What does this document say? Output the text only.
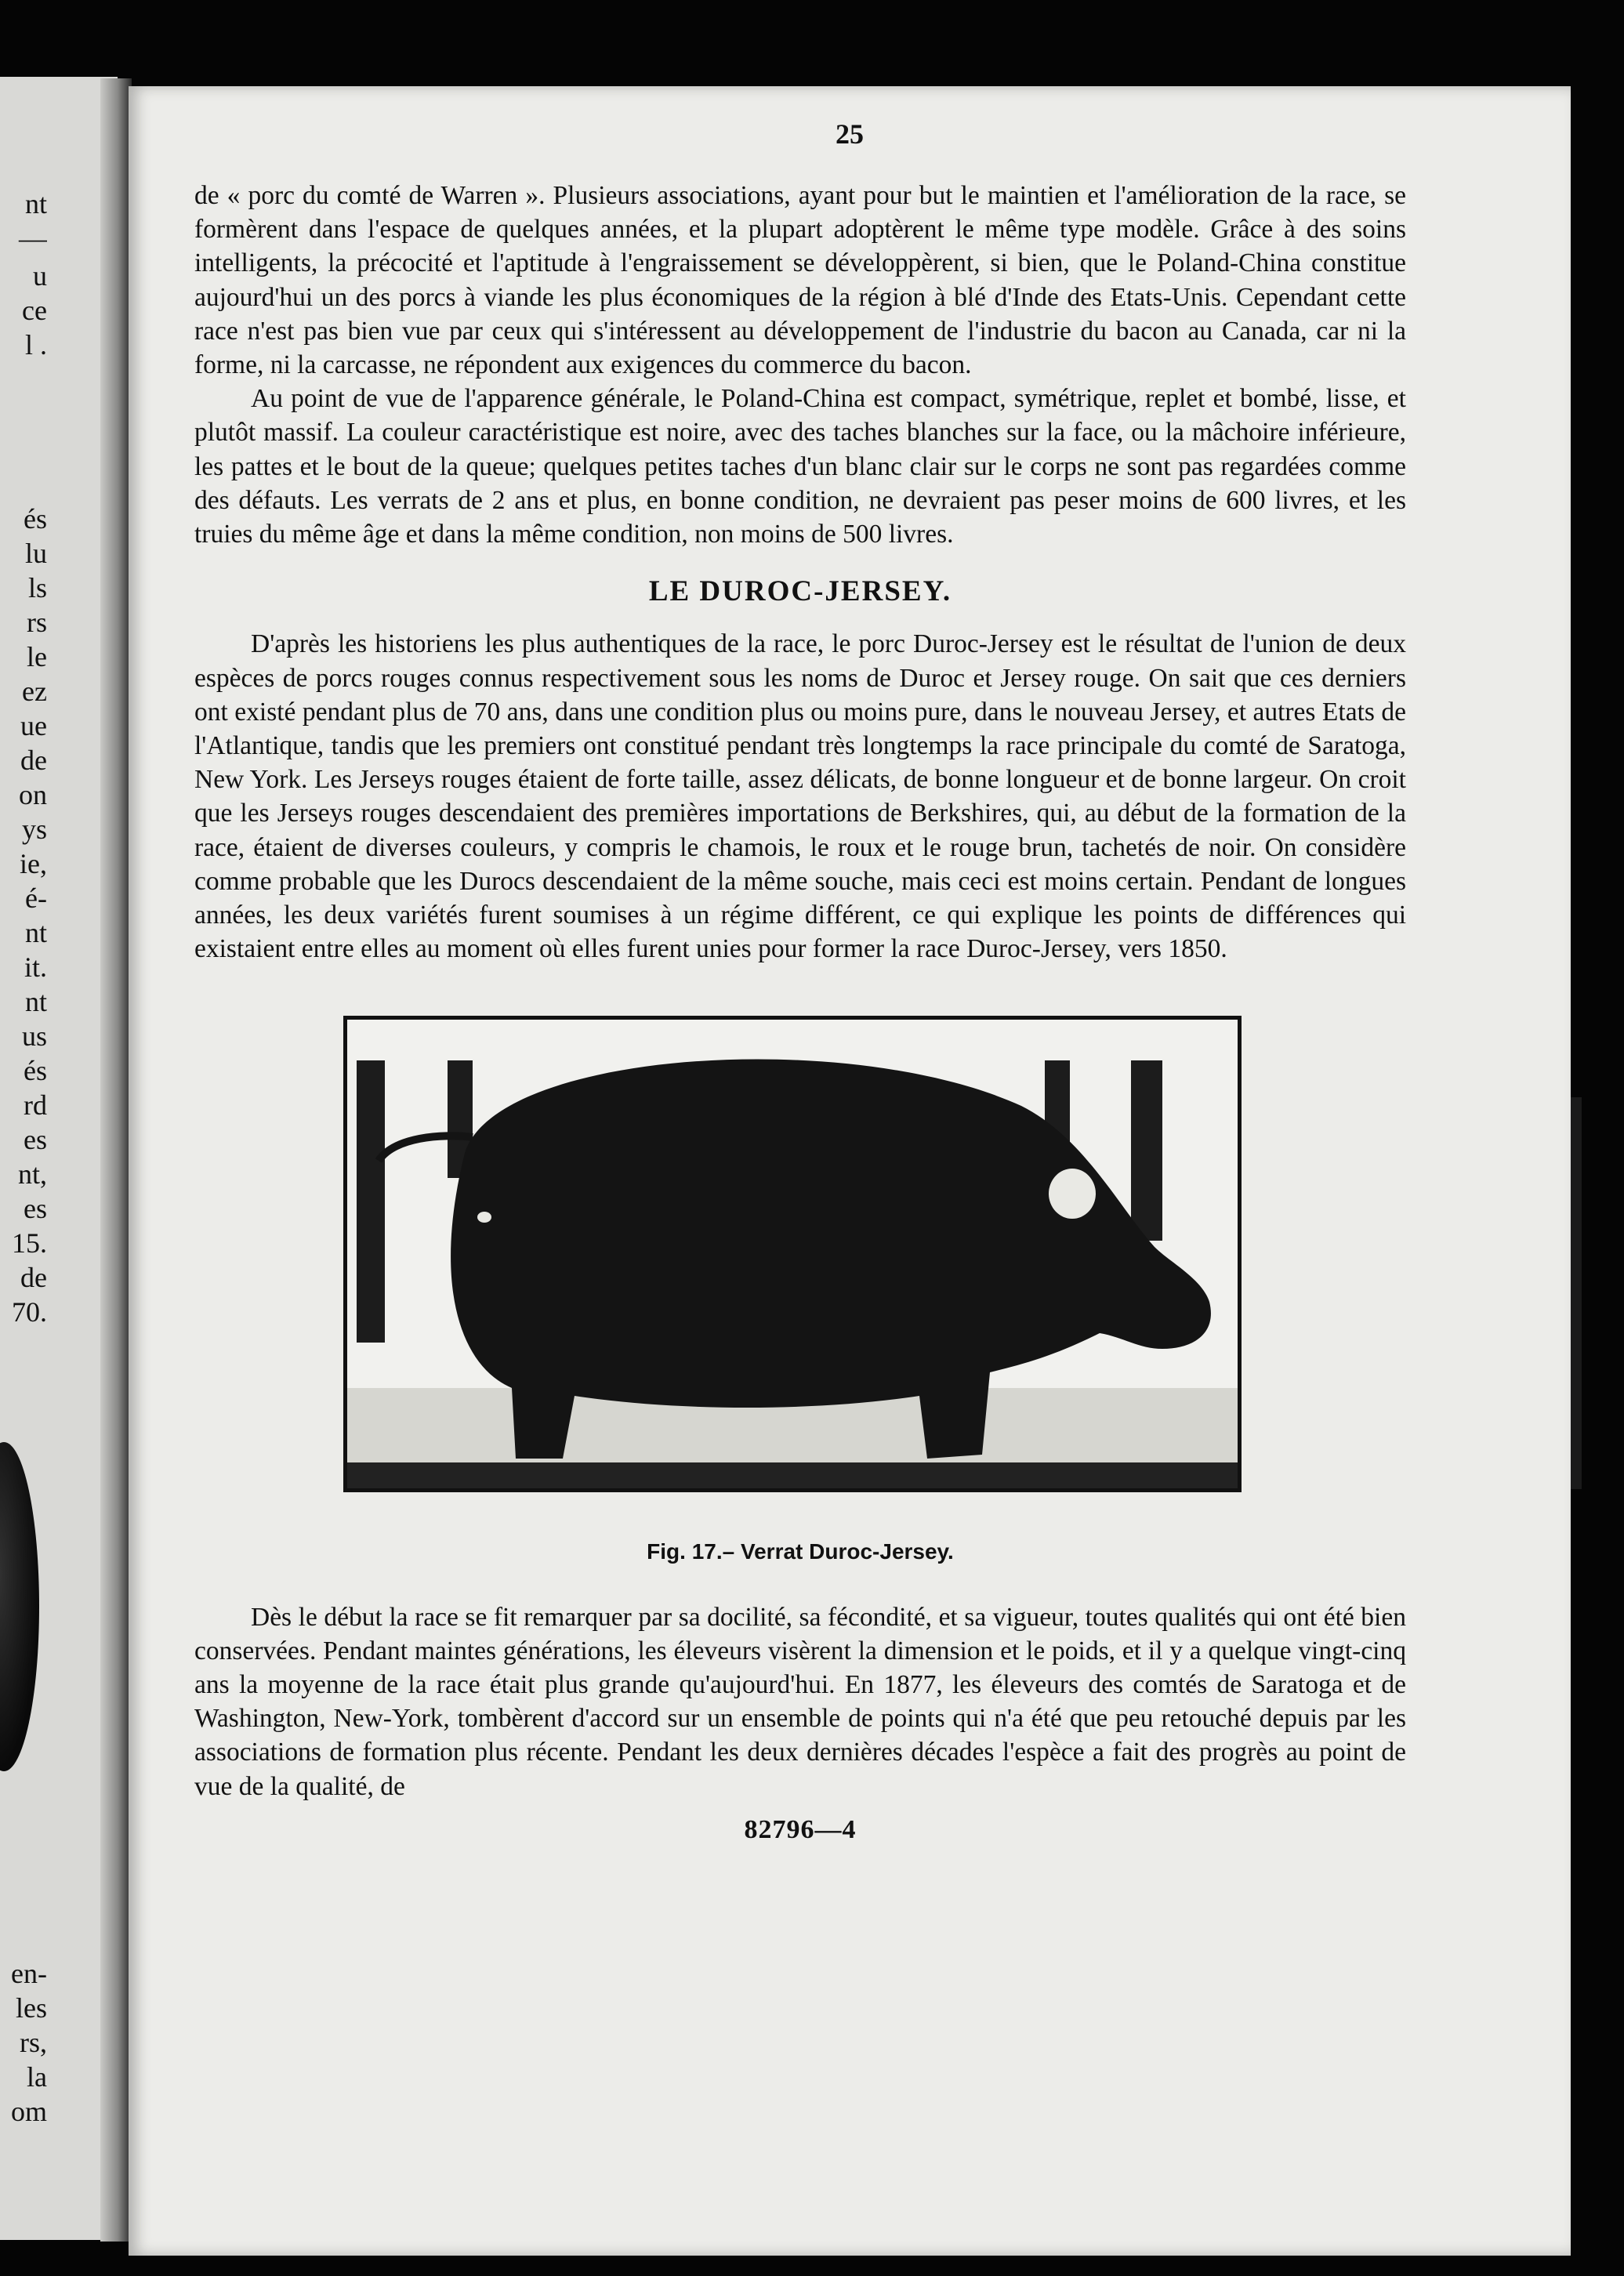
nt
—
u
ce
l .
és
lu
ls
rs
le
ez
ue
de
on
ys
ie,
é-
nt
it.
nt
us
és
rd
es
nt,
es
15.
de
70.
en-
les
rs,
la
om
25

de « porc du comté de Warren ». Plusieurs associations, ayant pour but le maintien et l'amélioration de la race, se formèrent dans l'espace de quelques années, et la plupart adoptèrent le même type modèle. Grâce à des soins intelligents, la précocité et l'aptitude à l'engraissement se développèrent, si bien, que le Poland-China constitue aujourd'hui un des porcs à viande les plus économiques de la région à blé d'Inde des Etats-Unis. Cependant cette race n'est pas bien vue par ceux qui s'intéressent au développement de l'industrie du bacon au Canada, car ni la forme, ni la carcasse, ne répondent aux exigences du commerce du bacon.

Au point de vue de l'apparence générale, le Poland-China est compact, symétrique, replet et bombé, lisse, et plutôt massif. La couleur caractéristique est noire, avec des taches blanches sur la face, ou la mâchoire inférieure, les pattes et le bout de la queue; quelques petites taches d'un blanc clair sur le corps ne sont pas regardées comme des défauts. Les verrats de 2 ans et plus, en bonne condition, ne devraient pas peser moins de 600 livres, et les truies du même âge et dans la même condition, non moins de 500 livres.

LE DUROC-JERSEY.

D'après les historiens les plus authentiques de la race, le porc Duroc-Jersey est le résultat de l'union de deux espèces de porcs rouges connus respectivement sous les noms de Duroc et Jersey rouge. On sait que ces derniers ont existé pendant plus de 70 ans, dans une condition plus ou moins pure, dans le nouveau Jersey, et autres Etats de l'Atlantique, tandis que les premiers ont constitué pendant très longtemps la race principale du comté de Saratoga, New York. Les Jerseys rouges étaient de forte taille, assez délicats, de bonne longueur et de bonne largeur. On croit que les Jerseys rouges descendaient des premières importations de Berkshires, qui, au début de la formation de la race, étaient de diverses couleurs, y compris le chamois, le roux et le rouge brun, tachetés de noir. On considère comme probable que les Durocs descendaient de la même souche, mais ceci est moins certain. Pendant de longues années, les deux variétés furent soumises à un régime différent, ce qui explique les points de différences qui existaient entre elles au moment où elles furent unies pour former la race Duroc-Jersey, vers 1850.

Fig. 17.– Verrat Duroc-Jersey.

Dès le début la race se fit remarquer par sa docilité, sa fécondité, et sa vigueur, toutes qualités qui ont été bien conservées. Pendant maintes générations, les éleveurs visèrent la dimension et le poids, et il y a quelque vingt-cinq ans la moyenne de la race était plus grande qu'aujourd'hui. En 1877, les éleveurs des comtés de Saratoga et de Washington, New-York, tombèrent d'accord sur un ensemble de points qui n'a été que peu retouché depuis par les associations de formation plus récente. Pendant les deux dernières décades l'espèce a fait des progrès au point de vue de la qualité, de

82796—4
